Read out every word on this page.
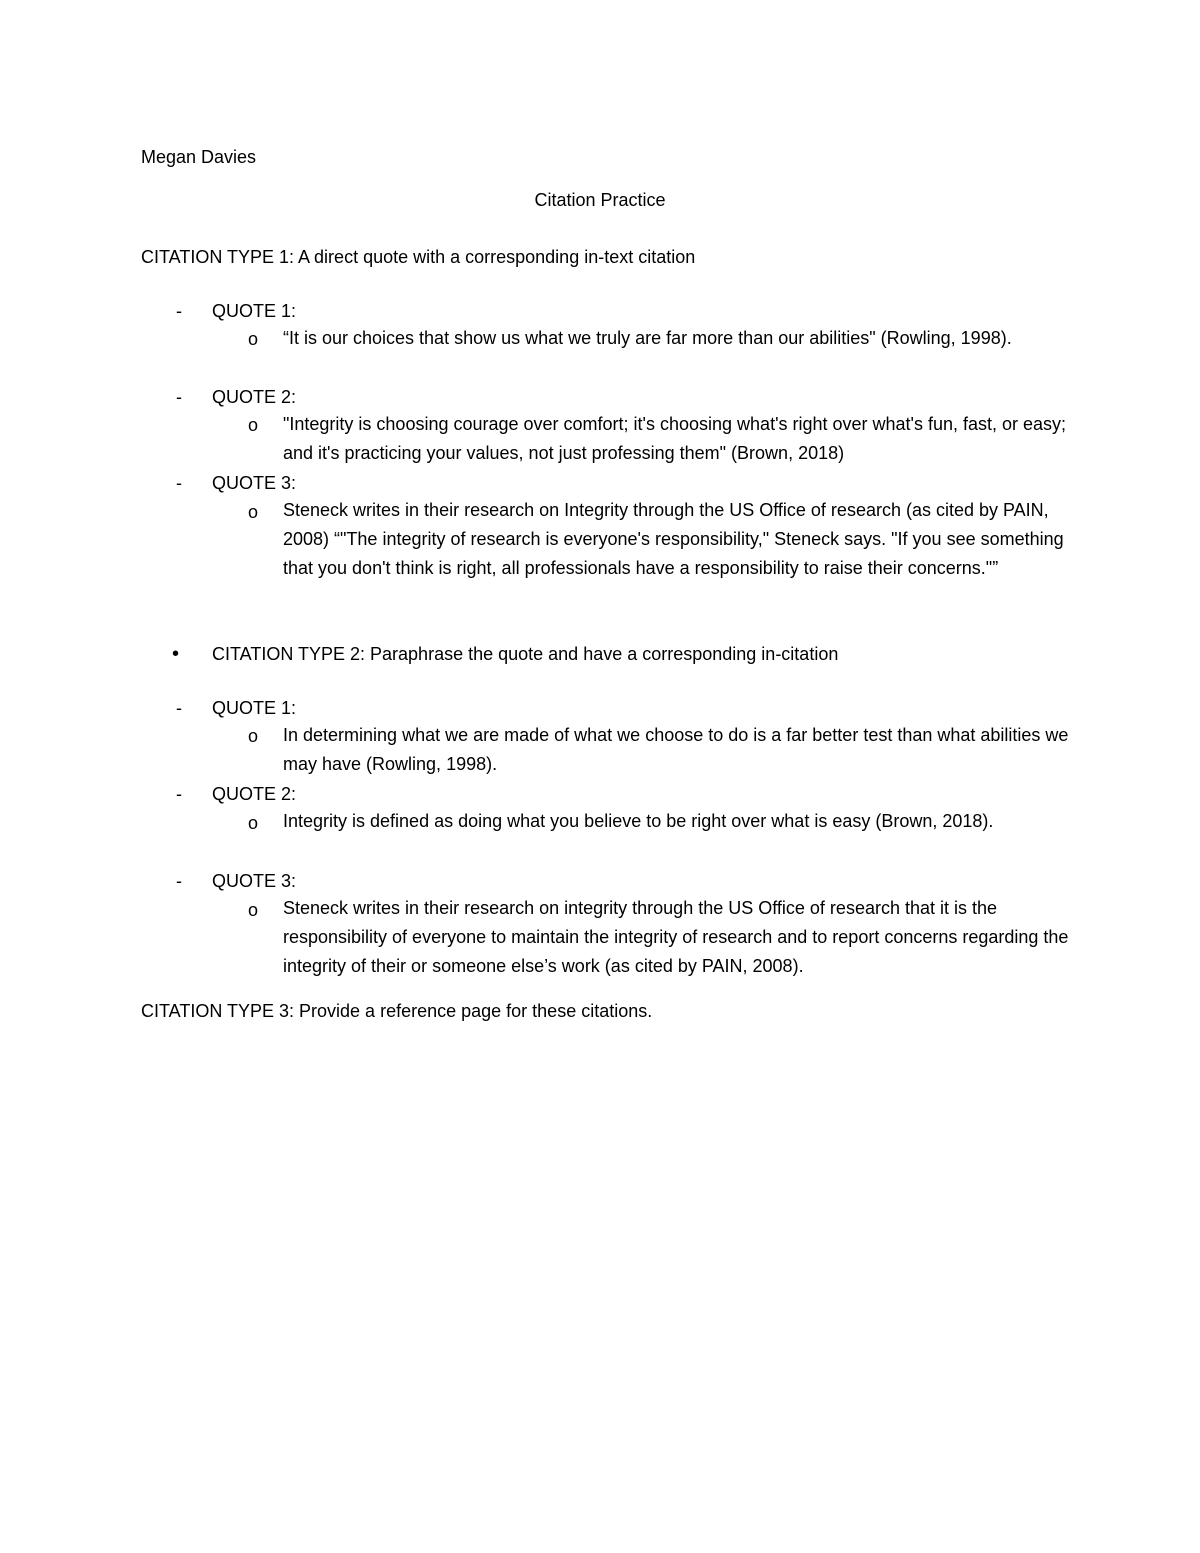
Megan Davies
Citation Practice
CITATION TYPE 1: A direct quote with a corresponding in-text citation
- QUOTE 1:
o “It is our choices that show us what we truly are far more than our abilities" (Rowling, 1998).
- QUOTE 2:
o "Integrity is choosing courage over comfort; it's choosing what's right over what's fun, fast, or easy; and it's practicing your values, not just professing them" (Brown, 2018)
- QUOTE 3:
o Steneck writes in their research on Integrity through the US Office of research (as cited by PAIN, 2008) “"The integrity of research is everyone's responsibility," Steneck says. "If you see something that you don't think is right, all professionals have a responsibility to raise their concerns."”
• CITATION TYPE 2: Paraphrase the quote and have a corresponding in-citation
- QUOTE 1:
o In determining what we are made of what we choose to do is a far better test than what abilities we may have (Rowling, 1998).
- QUOTE 2:
o Integrity is defined as doing what you believe to be right over what is easy (Brown, 2018).
- QUOTE 3:
o Steneck writes in their research on integrity through the US Office of research that it is the responsibility of everyone to maintain the integrity of research and to report concerns regarding the integrity of their or someone else’s work (as cited by PAIN, 2008).
CITATION TYPE 3: Provide a reference page for these citations.
